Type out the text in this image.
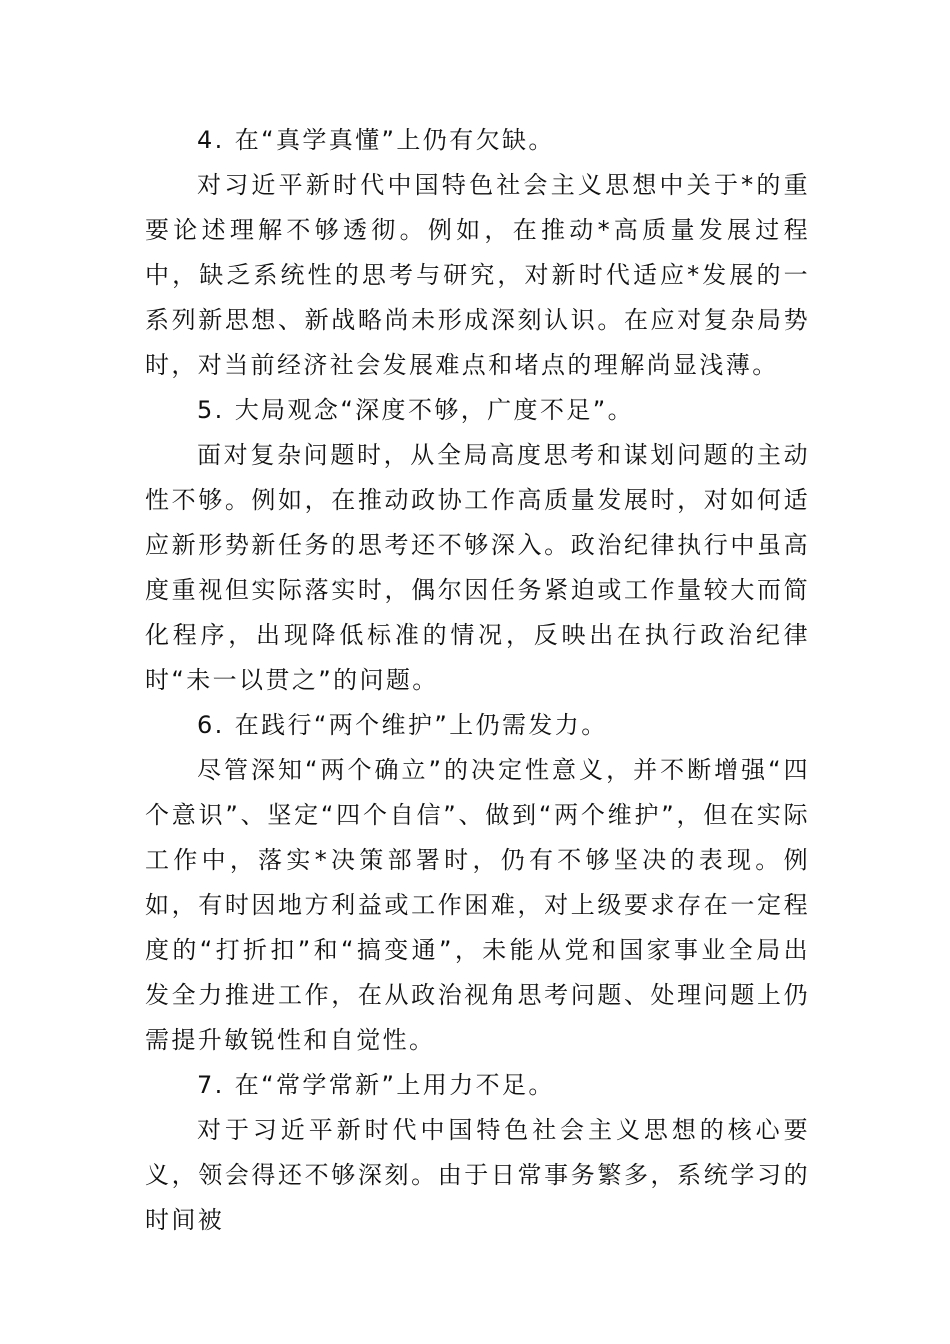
4. 在“真学真懂”上仍有欠缺。

对习近平新时代中国特色社会主义思想中关于*的重要论述理解不够透彻。例如，在推动*高质量发展过程中，缺乏系统性的思考与研究，对新时代适应*发展的一系列新思想、新战略尚未形成深刻认识。在应对复杂局势时，对当前经济社会发展难点和堵点的理解尚显浅薄。

5. 大局观念“深度不够，广度不足”。

面对复杂问题时，从全局高度思考和谋划问题的主动性不够。例如，在推动政协工作高质量发展时，对如何适应新形势新任务的思考还不够深入。政治纪律执行中虽高度重视但实际落实时，偶尔因任务紧迫或工作量较大而简化程序，出现降低标准的情况，反映出在执行政治纪律时“未一以贯之”的问题。

6. 在践行“两个维护”上仍需发力。

尽管深知“两个确立”的决定性意义，并不断增强“四个意识”、坚定“四个自信”、做到“两个维护”，但在实际工作中，落实*决策部署时，仍有不够坚决的表现。例如，有时因地方利益或工作困难，对上级要求存在一定程度的“打折扣”和“搞变通”，未能从党和国家事业全局出发全力推进工作，在从政治视角思考问题、处理问题上仍需提升敏锐性和自觉性。

7. 在“常学常新”上用力不足。

对于习近平新时代中国特色社会主义思想的核心要义，领会得还不够深刻。由于日常事务繁多，系统学习的时间被
